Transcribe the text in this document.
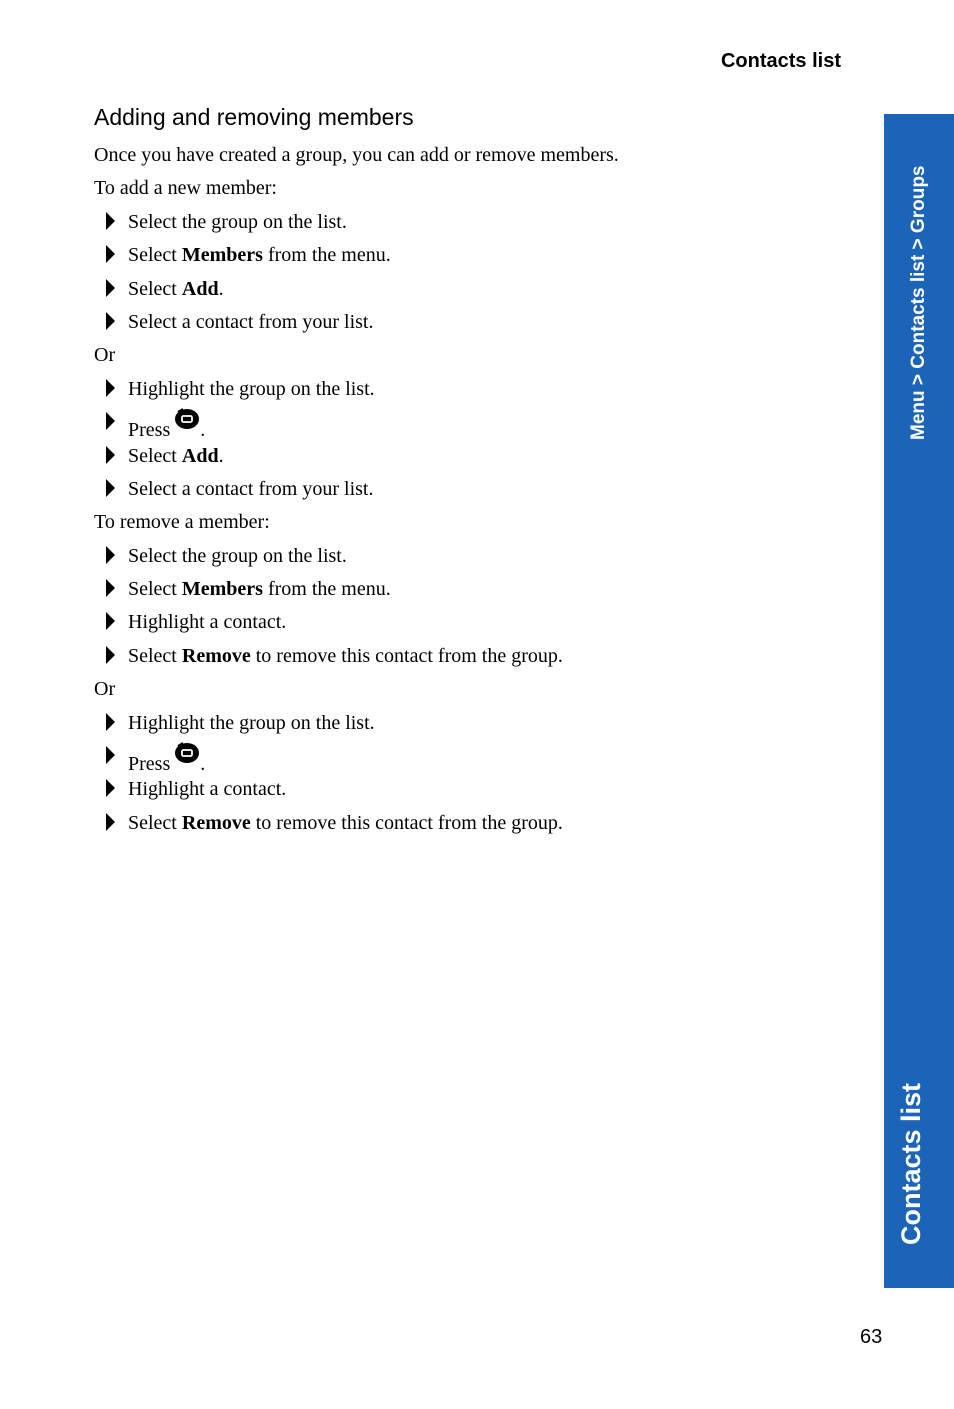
Contacts list
Adding and removing members
Once you have created a group, you can add or remove members.
To add a new member:
Select the group on the list.
Select Members from the menu.
Select Add.
Select a contact from your list.
Or
Highlight the group on the list.
Press .
Select Add.
Select a contact from your list.
To remove a member:
Select the group on the list.
Select Members from the menu.
Highlight a contact.
Select Remove to remove this contact from the group.
Or
Highlight the group on the list.
Press .
Highlight a contact.
Select Remove to remove this contact from the group.
Menu > Contacts list > Groups
Contacts list
63
